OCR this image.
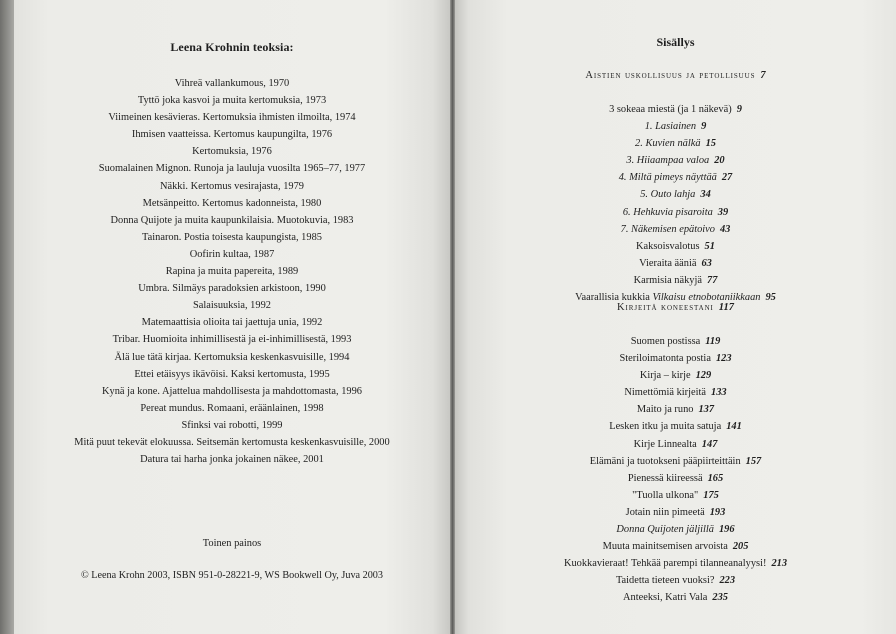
Leena Krohnin teoksia:
Vihreä vallankumous, 1970
Tyttö joka kasvoi ja muita kertomuksia, 1973
Viimeinen kesävieras. Kertomuksia ihmisten ilmoilta, 1974
Ihmisen vaatteissa. Kertomus kaupungilta, 1976
Kertomuksia, 1976
Suomalainen Mignon. Runoja ja lauluja vuosilta 1965–77, 1977
Näkki. Kertomus vesirajasta, 1979
Metsänpeitto. Kertomus kadonneista, 1980
Donna Quijote ja muita kaupunkilaisia. Muotokuvia, 1983
Tainaron. Postia toisesta kaupungista, 1985
Oofirin kultaa, 1987
Rapina ja muita papereita, 1989
Umbra. Silmäys paradoksien arkistoon, 1990
Salaisuuksia, 1992
Matemaattisia olioita tai jaettuja unia, 1992
Tribar. Huomioita inhimillisestä ja ei-inhimillisestä, 1993
Älä lue tätä kirjaa. Kertomuksia keskenkasvuisille, 1994
Ettei etäisyys ikävöisi. Kaksi kertomusta, 1995
Kynä ja kone. Ajattelua mahdollisesta ja mahdottomasta, 1996
Pereat mundus. Romaani, eräänlainen, 1998
Sfinksi vai robotti, 1999
Mitä puut tekevät elokuussa. Seitsemän kertomusta keskenkasvuisille, 2000
Datura tai harha jonka jokainen näkee, 2001
Toinen painos
© Leena Krohn 2003, ISBN 951-0-28221-9, WS Bookwell Oy, Juva 2003
Sisällys
Aistien uskollisuus ja petollisuus 7
3 sokeaa miestä (ja 1 näkevä) 9
1. Lasiainen 9
2. Kuvien nälkä 15
3. Hiiaampaa valoa 20
4. Miltä pimeys näyttää 27
5. Outo lahja 34
6. Hehkuvia pisaroita 39
7. Näkemisen epätoivo 43
Kaksoisvalotus 51
Vieraita ääniä 63
Karmisia näkyjä 77
Vaarallisia kukkia Vilkaisu etnobotaniikkaan 95
Kirjeitä koneestani 117
Suomen postissa 119
Steriloimatonta postia 123
Kirja – kirje 129
Nimettömiä kirjeitä 133
Maito ja runo 137
Lesken itku ja muita satuja 141
Kirje Linnealta 147
Elämäni ja tuotokseni pääpiirteittäin 157
Pienessä kiireessä 165
"Tuolla ulkona" 175
Jotain niin pimeetä 193
Donna Quijoten jäljillä 196
Muuta mainitsemisen arvoista 205
Kuokkavieraat! Tehkää parempi tilanneanalyysi! 213
Taidetta tieteen vuoksi? 223
Anteeksi, Katri Vala 235
